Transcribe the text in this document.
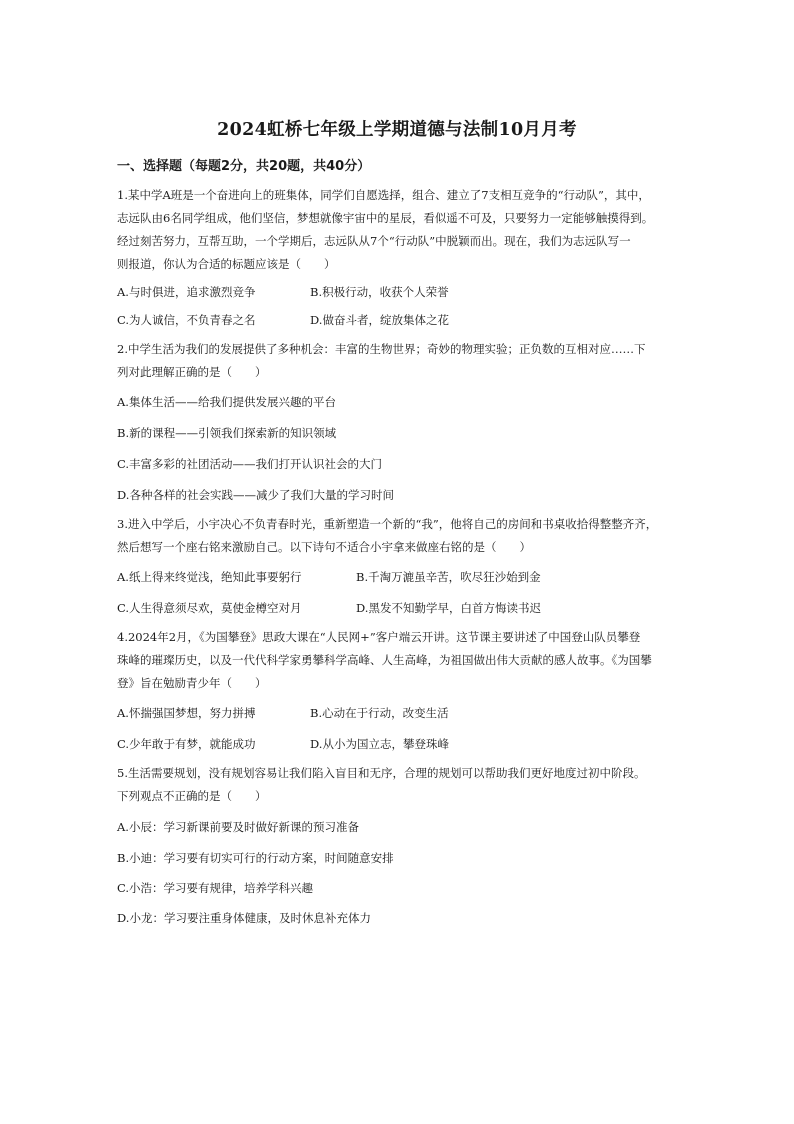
2024虹桥七年级上学期道德与法制10月月考
一、选择题（每题2分，共20题，共40分）
1.某中学A班是一个奋进向上的班集体，同学们自愿选择，组合、建立了7支相互竞争的“行动队”，其中，
志远队由6名同学组成，他们坚信，梦想就像宇宙中的星辰，看似遥不可及，只要努力一定能够触摸得到。
经过刻苦努力，互帮互助，一个学期后，志远队从7个“行动队”中脱颖而出。现在，我们为志远队写一
则报道，你认为合适的标题应该是（　　）
A.与时俱进，追求激烈竞争	B.积极行动，收获个人荣誉
C.为人诚信，不负青春之名	D.做奋斗者，绽放集体之花
2.中学生活为我们的发展提供了多种机会：丰富的生物世界；奇妙的物理实验；正负数的互相对应……下
列对此理解正确的是（　　）
A.集体生活——给我们提供发展兴趣的平台
B.新的课程——引领我们探索新的知识领域
C.丰富多彩的社团活动——我们打开认识社会的大门
D.各种各样的社会实践——减少了我们大量的学习时间
3.进入中学后，小宇决心不负青春时光，重新塑造一个新的“我”，他将自己的房间和书桌收拾得整整齐齐，
然后想写一个座右铭来激励自己。以下诗句不适合小宇拿来做座右铭的是（　　）
A.纸上得来终觉浅，绝知此事要躬行	B.千淘万漉虽辛苦，吹尽狂沙始到金
C.人生得意须尽欢，莫使金樽空对月	D.黑发不知勤学早，白首方悔读书迟
4.2024年2月，《为国攀登》思政大课在“人民网+”客户端云开讲。这节课主要讲述了中国登山队员攀登
珠峰的璀璨历史，以及一代代科学家勇攀科学高峰、人生高峰，为祖国做出伟大贡献的感人故事。《为国攀
登》旨在勉励青少年（　　）
A.怀揣强国梦想，努力拼搏	B.心动在于行动，改变生活
C.少年敢于有梦，就能成功	D.从小为国立志，攀登珠峰
5.生活需要规划，没有规划容易让我们陷入盲目和无序，合理的规划可以帮助我们更好地度过初中阶段。
下列观点不正确的是（　　）
A.小辰：学习新课前要及时做好新课的预习准备
B.小迪：学习要有切实可行的行动方案，时间随意安排
C.小浩：学习要有规律，培养学科兴趣
D.小龙：学习要注重身体健康，及时休息补充体力
